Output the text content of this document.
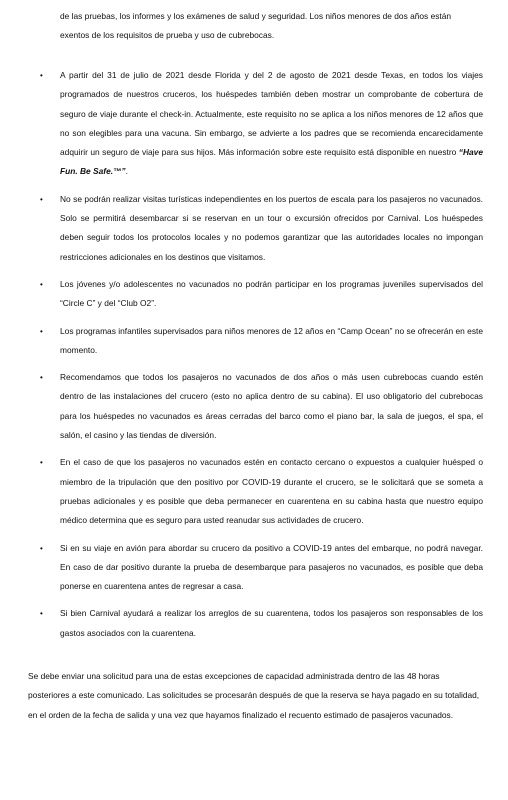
de las pruebas, los informes y los exámenes de salud y seguridad. Los niños menores de dos años están exentos de los requisitos de prueba y uso de cubrebocas.

• A partir del 31 de julio de 2021 desde Florida y del 2 de agosto de 2021 desde Texas, en todos los viajes programados de nuestros cruceros, los huéspedes también deben mostrar un comprobante de cobertura de seguro de viaje durante el check-in. Actualmente, este requisito no se aplica a los niños menores de 12 años que no son elegibles para una vacuna. Sin embargo, se advierte a los padres que se recomienda encarecidamente adquirir un seguro de viaje para sus hijos. Más información sobre este requisito está disponible en nuestro “Have Fun. Be Safe.™”.
• No se podrán realizar visitas turísticas independientes en los puertos de escala para los pasajeros no vacunados. Solo se permitirá desembarcar si se reservan en un tour o excursión ofrecidos por Carnival. Los huéspedes deben seguir todos los protocolos locales y no podemos garantizar que las autoridades locales no impongan restricciones adicionales en los destinos que visitamos.
• Los jóvenes y/o adolescentes no vacunados no podrán participar en los programas juveniles supervisados del “Circle C” y del “Club O2”.
• Los programas infantiles supervisados para niños menores de 12 años en “Camp Ocean” no se ofrecerán en este momento.
• Recomendamos que todos los pasajeros no vacunados de dos años o más usen cubrebocas cuando estén dentro de las instalaciones del crucero (esto no aplica dentro de su cabina). El uso obligatorio del cubrebocas para los huéspedes no vacunados es áreas cerradas del barco como el piano bar, la sala de juegos, el spa, el salón, el casino y las tiendas de diversión.
• En el caso de que los pasajeros no vacunados estén en contacto cercano o expuestos a cualquier huésped o miembro de la tripulación que den positivo por COVID-19 durante el crucero, se le solicitará que se someta a pruebas adicionales y es posible que deba permanecer en cuarentena en su cabina hasta que nuestro equipo médico determina que es seguro para usted reanudar sus actividades de crucero.
• Si en su viaje en avión para abordar su crucero da positivo a COVID-19 antes del embarque, no podrá navegar. En caso de dar positivo durante la prueba de desembarque para pasajeros no vacunados, es posible que deba ponerse en cuarentena antes de regresar a casa.
• Si bien Carnival ayudará a realizar los arreglos de su cuarentena, todos los pasajeros son responsables de los gastos asociados con la cuarentena.

Se debe enviar una solicitud para una de estas excepciones de capacidad administrada dentro de las 48 horas posteriores a este comunicado. Las solicitudes se procesarán después de que la reserva se haya pagado en su totalidad, en el orden de la fecha de salida y una vez que hayamos finalizado el recuento estimado de pasajeros vacunados.
